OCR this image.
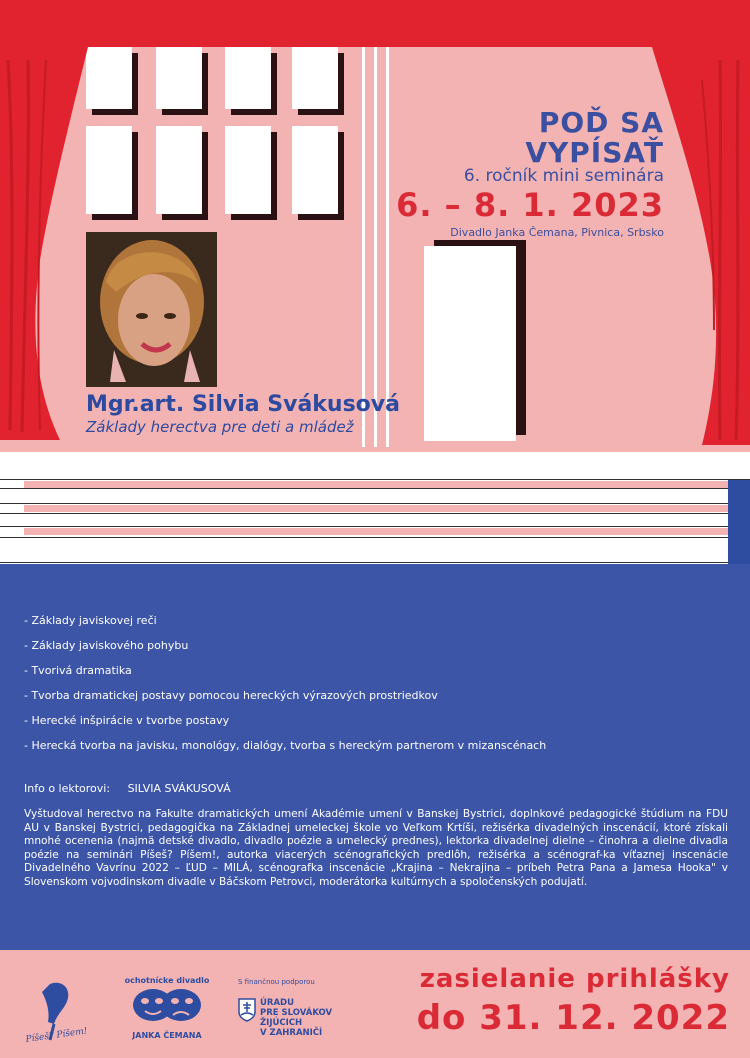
POĎ SA VYPÍSAŤ
6. ročník mini seminára
6. – 8. 1. 2023
Divadlo Janka Čemana, Pivnica, Srbsko
Mgr.art. Silvia Svákusová
Základy herectva pre deti a mládež
- Základy javiskovej reči
- Základy javiskového pohybu
- Tvorivá dramatika
- Tvorba dramatickej postavy pomocou hereckých výrazových prostriedkov
- Herecké inšpirácie v tvorbe postavy
- Herecká tvorba na javisku, monológy, dialógy, tvorba s hereckým partnerom v mizanscénach
Info o lektorovi: SILVIA SVÁKUSOVÁ
Vyštudoval herectvo na Fakulte dramatických umení Akadémie umení v Banskej Bystrici, doplnkové pedagogické štúdium na FDU AU v Banskej Bystrici, pedagogička na Základnej umeleckej škole vo Veľkom Krtíši, režisérka divadelných inscenácií, ktoré získali mnohé ocenenia (najmä detské divadlo, divadlo poézie a umelecký prednes), lektorka divadelnej dielne – činohra a dielne divadla poézie na seminári Píšeš? Píšem!, autorka viacerých scénografických predlôh, režisérka a scénograf-ka víťaznej inscenácie Divadelného Vavrínu 2022 – ĽUD – MILÁ, scénografka inscenácie „Krajina – Nekrajina – príbeh Petra Pana a Jamesa Hooka" v Slovenskom vojvodinskom divadle v Báčskom Petrovci, moderátorka kultúrnych a spoločenských podujatí.
Píšeš? Píšem!
ochotnícke divadlo
JANKA ČEMANA
S finančnou podporou
ÚRADU
PRE SLOVÁKOV
ŽIJÚCICH
V ZAHRANIČÍ
zasielanie prihlášky
do 31. 12. 2022
